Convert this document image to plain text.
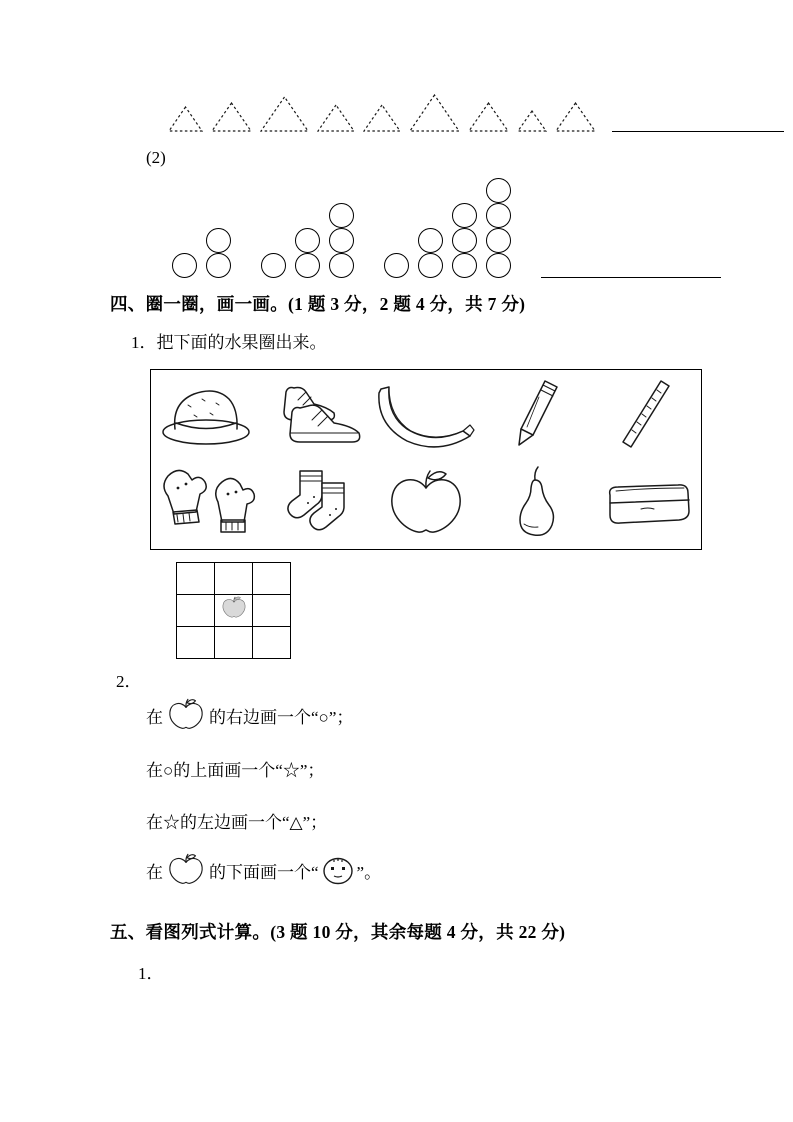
(2)
四、圈一圈，画一画。(1 题 3 分，2 题 4 分，共 7 分)
1．把下面的水果圈出来。

2．
在	的右边画一个“○”；
在○的上面画一个“☆”；
在☆的左边画一个“△”；
在	的下面画一个“ ”。
五、看图列式计算。(3 题 10 分，其余每题 4 分，共 22 分)
1．
